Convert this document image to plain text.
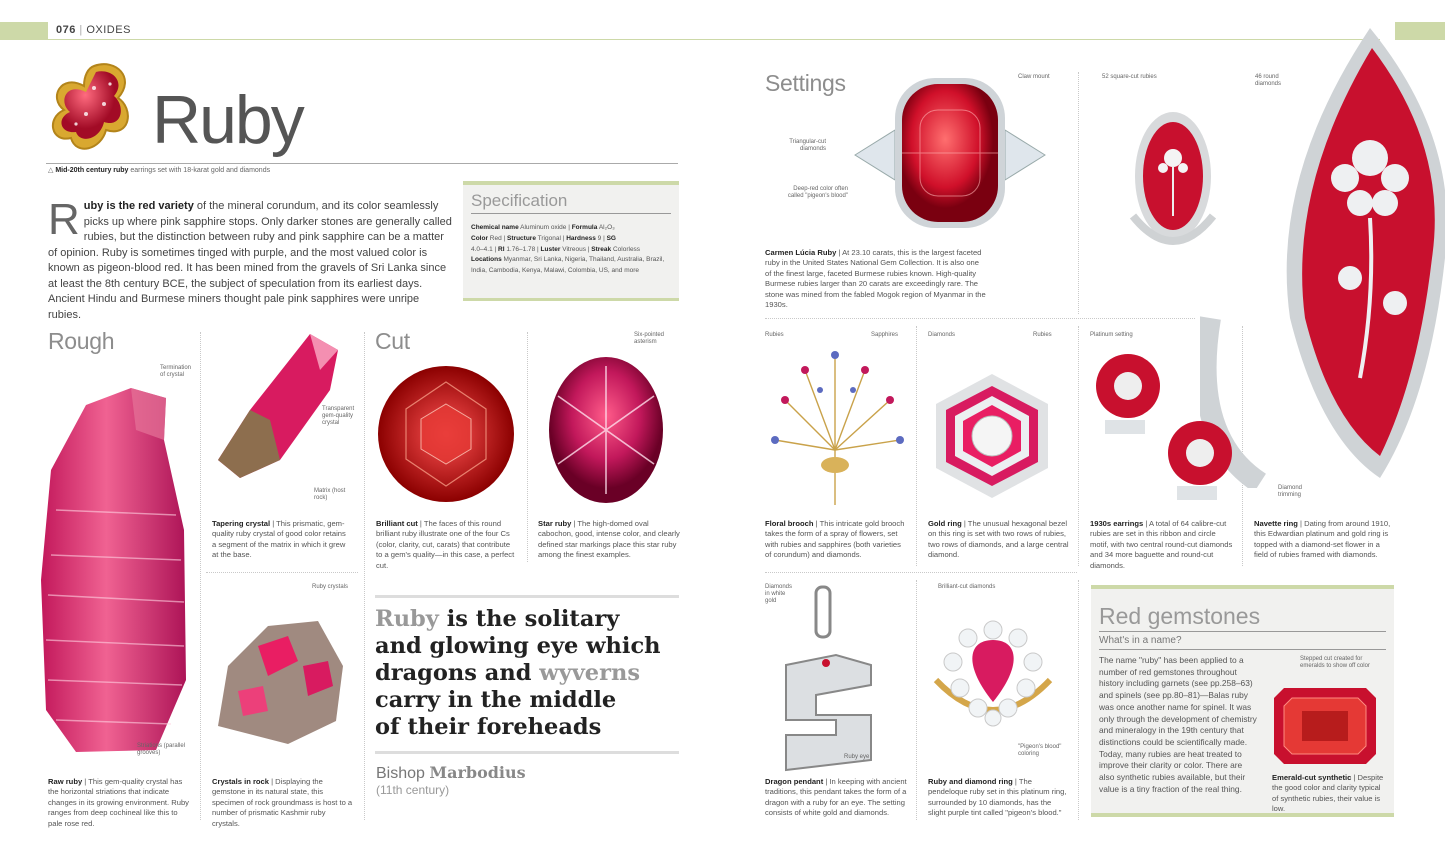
076 | OXIDES
Ruby
△ Mid-20th century ruby earrings set with 18-karat gold and diamonds
Ruby is the red variety of the mineral corundum, and its color seamlessly picks up where pink sapphire stops. Only darker stones are generally called rubies, but the distinction between ruby and pink sapphire can be a matter of opinion. Ruby is sometimes tinged with purple, and the most valued color is known as pigeon-blood red. It has been mined from the gravels of Sri Lanka since at least the 8th century BCE, the subject of speculation from its earliest days. Ancient Hindu and Burmese miners thought pale pink sapphires were unripe rubies.
Specification
Chemical name Aluminum oxide | Formula Al₂O₃
Color Red | Structure Trigonal | Hardness 9 | SG
4.0–4.1 | RI 1.76–1.78 | Luster Vitreous | Streak Colorless
Locations Myanmar, Sri Lanka, Nigeria, Thailand, Australia, Brazil, India, Cambodia, Kenya, Malawi, Colombia, US, and more
Rough
Termination of crystal
Striations (parallel grooves)
Raw ruby | This gem-quality crystal has the horizontal striations that indicate changes in its growing environment. Ruby ranges from deep cochineal like this to pale rose red.
Transparent gem-quality crystal
Matrix (host rock)
Tapering crystal | This prismatic, gem-quality ruby crystal of good color retains a segment of the matrix in which it grew at the base.
Ruby crystals
Crystals in rock | Displaying the gemstone in its natural state, this specimen of rock groundmass is host to a number of prismatic Kashmir ruby crystals.
Cut
Brilliant cut | The faces of this round brilliant ruby illustrate one of the four Cs (color, clarity, cut, carats) that contribute to a gem's quality—in this case, a perfect cut.
Six-pointed asterism
Star ruby | The high-domed oval cabochon, good, intense color, and clearly defined star markings place this star ruby among the finest examples.
Ruby is the solitary
and glowing eye which
dragons and wyverns
carry in the middle
of their foreheads
Bishop Marbodius
(11th century)
Settings	Claw mount
Triangular-cut diamonds
Deep-red color often called "pigeon's blood"
Carmen Lúcia Ruby | At 23.10 carats, this is the largest faceted ruby in the United States National Gem Collection. It is also one of the finest large, faceted Burmese rubies known. High-quality Burmese rubies larger than 20 carats are exceedingly rare. The stone was mined from the fabled Mogok region of Myanmar in the 1930s.
52 square-cut rubies	46 round diamonds
Diamond trimming
Rubies	Sapphires
Floral brooch | This intricate gold brooch takes the form of a spray of flowers, set with rubies and sapphires (both varieties of corundum) and diamonds.
Diamonds	Rubies
Gold ring | The unusual hexagonal bezel on this ring is set with two rows of rubies, two rows of diamonds, and a large central diamond.
Platinum setting
1930s earrings | A total of 64 calibre-cut rubies are set in this ribbon and circle motif, with two central round-cut diamonds and 34 more baguette and round-cut diamonds.
Navette ring | Dating from around 1910, this Edwardian platinum and gold ring is topped with a diamond-set flower in a field of rubies framed with diamonds.
Diamonds in white gold
Ruby eye
Dragon pendant | In keeping with ancient traditions, this pendant takes the form of a dragon with a ruby for an eye. The setting consists of white gold and diamonds.
Brilliant-cut diamonds
"Pigeon's blood" coloring
Ruby and diamond ring | The pendeloque ruby set in this platinum ring, surrounded by 10 diamonds, has the slight purple tint called "pigeon's blood."
Red gemstones
What's in a name?
The name "ruby" has been applied to a number of red gemstones throughout history including garnets (see pp.258–63) and spinels (see pp.80–81)—Balas ruby was once another name for spinel. It was only through the development of chemistry and mineralogy in the 19th century that distinctions could be scientifically made. Today, many rubies are heat treated to improve their clarity or color. There are also synthetic rubies available, but their value is a tiny fraction of the real thing.
Stepped cut created for emeralds to show off color
Emerald-cut synthetic | Despite the good color and clarity typical of synthetic rubies, their value is low.
